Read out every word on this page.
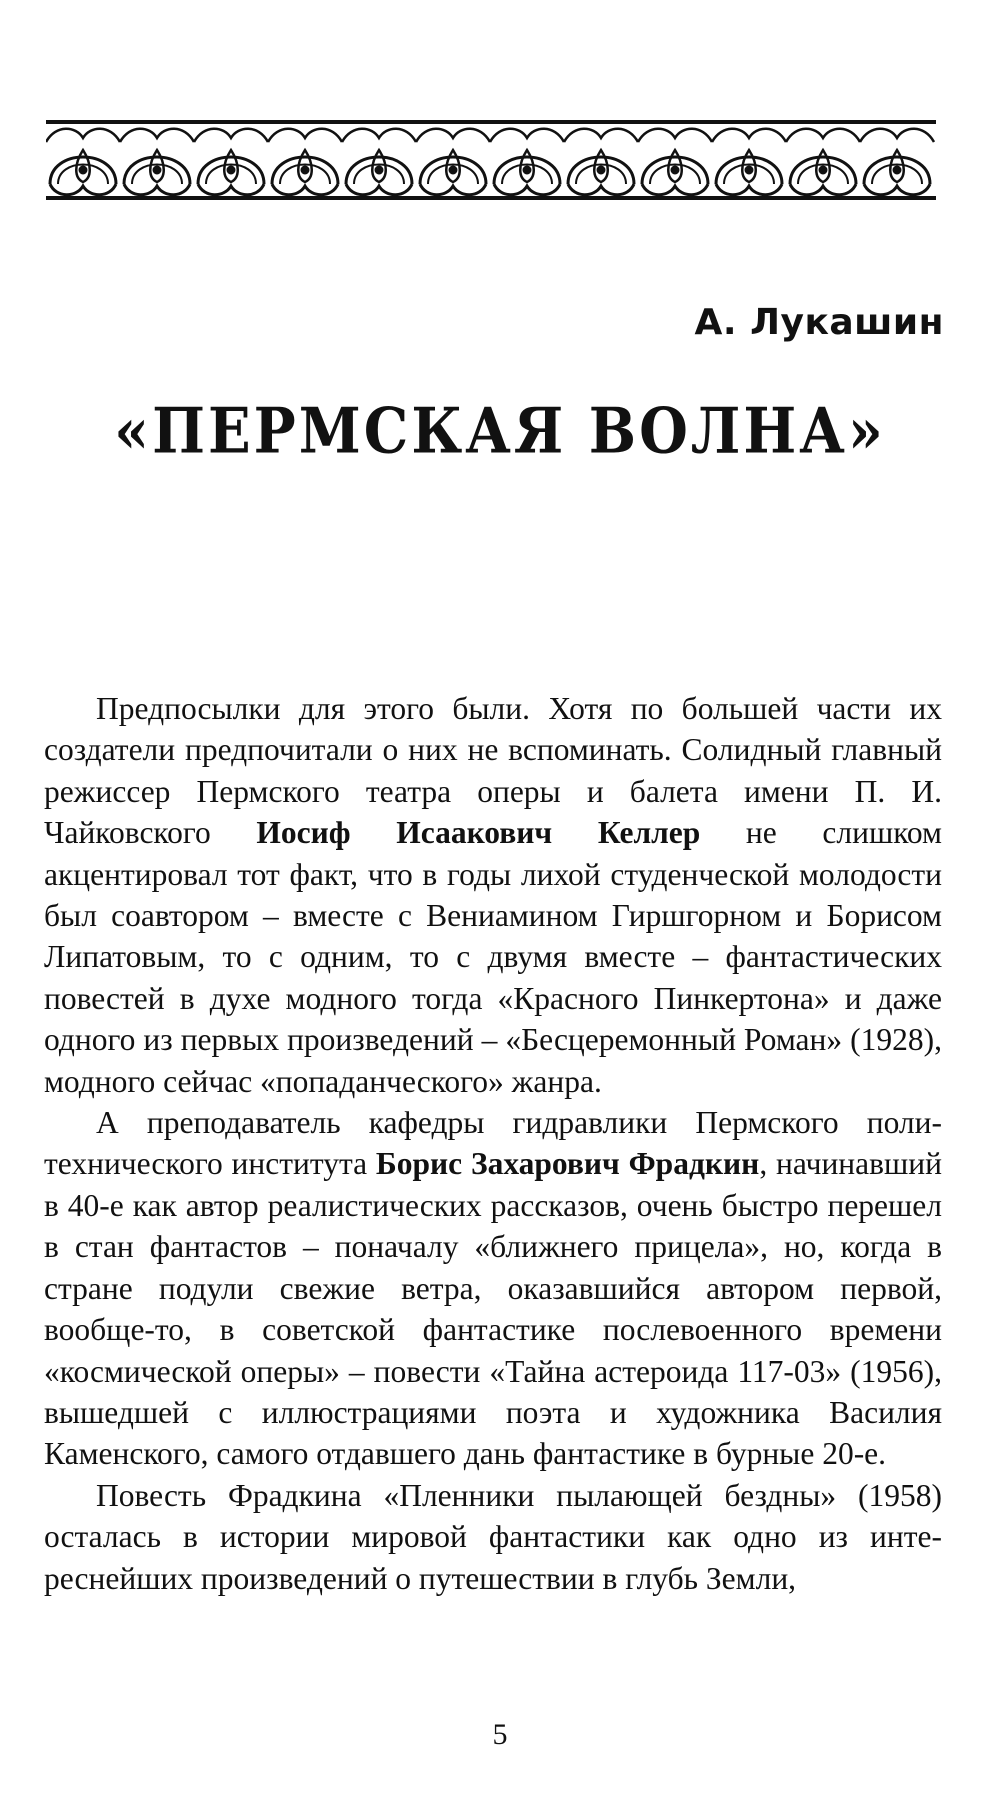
А. Лукашин
«ПЕРМСКАЯ ВОЛНА»

Предпосылки для этого были. Хотя по большей части их создатели предпочитали о них не вспоминать. Солидный главный режиссер Пермского театра оперы и балета имени П. И. Чайковского Иосиф Исаакович Келлер не слишком акцентировал тот факт, что в годы лихой студенческой молодости был соавтором – вместе с Вениамином Гиршгорном и Борисом Липатовым, то с одним, то с двумя вместе – фантастических повестей в духе модного тогда «Красного Пинкертона» и даже одного из первых произведений – «Бесцеремонный Роман» (1928), модного сейчас «попаданческого» жанра.

А преподаватель кафедры гидравлики Пермского политехнического института Борис Захарович Фрадкин, начинавший в 40-е как автор реалистических рассказов, очень быстро перешел в стан фантастов – поначалу «ближнего прицела», но, когда в стране подули свежие ветра, оказавшийся автором первой, вообще-то, в советской фантастике послевоенного времени «космической оперы» – повести «Тайна астероида 117-03» (1956), вышедшей с иллюстрациями поэта и художника Василия Каменского, самого отдавшего дань фантастике в бурные 20-е.

Повесть Фрадкина «Пленники пылающей бездны» (1958) осталась в истории мировой фантастики как одно из интереснейших произведений о путешествии в глубь Земли,

5
